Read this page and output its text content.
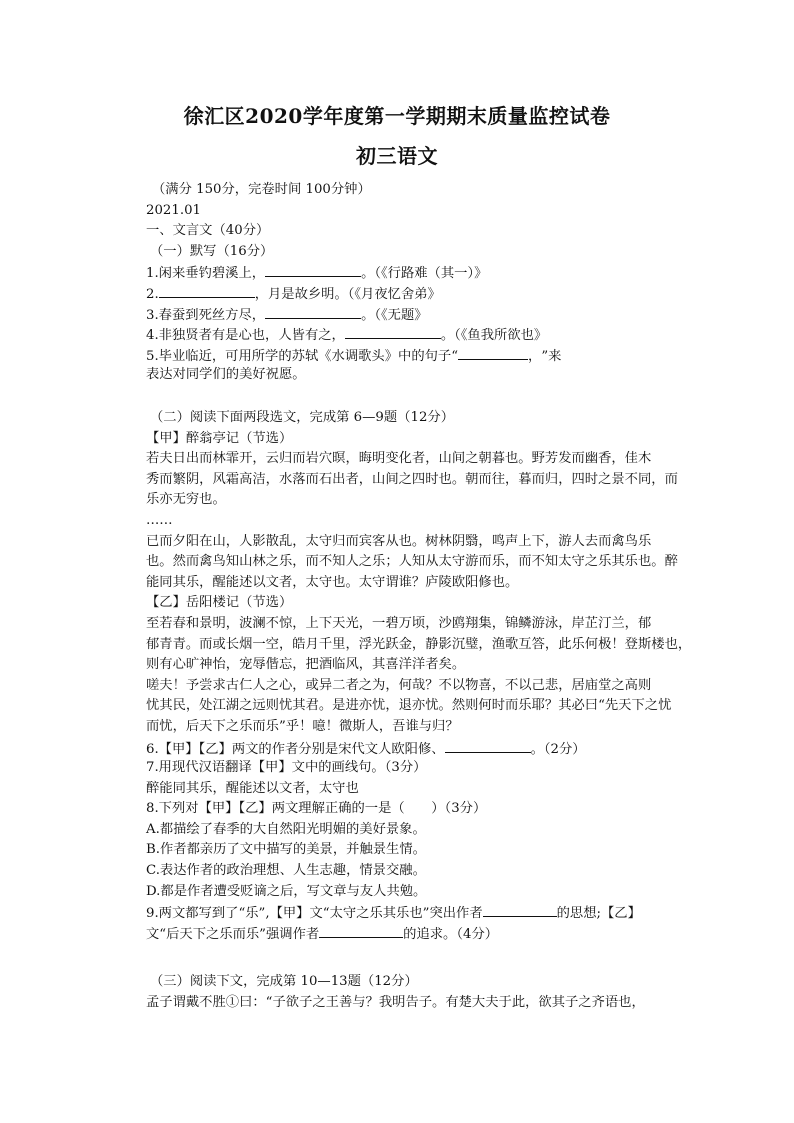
徐汇区2020学年度第一学期期末质量监控试卷
初三语文
（满分 150分，完卷时间 100分钟）
2021.01
一、文言文（40分）
（一）默写（16分）
1.闲来垂钓碧溪上，	。（《行路难（其一）》
2.	，月是故乡明。（《月夜忆舍弟》
3.春蚕到死丝方尽，	。（《无题》
4.非独贤者有是心也，人皆有之，	。（《鱼我所欲也》
5.毕业临近，可用所学的苏轼《水调歌头》中的句子“	，”来
表达对同学们的美好祝愿。
（二）阅读下面两段选文，完成第 6—9题（12分）
【甲】醉翁亭记（节选）
若夫日出而林霏开，云归而岩穴暝，晦明变化者，山间之朝暮也。野芳发而幽香，佳木
秀而繁阴，风霜高洁，水落而石出者，山间之四时也。朝而往，暮而归，四时之景不同，而
乐亦无穷也。
……
已而夕阳在山，人影散乱，太守归而宾客从也。树林阴翳，鸣声上下，游人去而禽鸟乐
也。然而禽鸟知山林之乐，而不知人之乐；人知从太守游而乐，而不知太守之乐其乐也。醉
能同其乐，醒能述以文者，太守也。太守谓谁？庐陵欧阳修也。
【乙】岳阳楼记（节选）
至若春和景明，波澜不惊，上下天光，一碧万顷，沙鸥翔集，锦鳞游泳，岸芷汀兰，郁
郁青青。而或长烟一空，皓月千里，浮光跃金，静影沉璧，渔歌互答，此乐何极！登斯楼也，
则有心旷神怡，宠辱偕忘，把酒临风，其喜洋洋者矣。
嗟夫！予尝求古仁人之心，或异二者之为，何哉？不以物喜，不以己悲，居庙堂之高则
忧其民，处江湖之远则忧其君。是进亦忧，退亦忧。然则何时而乐耶？其必曰“先天下之忧
而忧，后天下之乐而乐”乎！噫！微斯人，吾谁与归？
6.【甲】【乙】两文的作者分别是宋代文人欧阳修、	。（2分）
7.用现代汉语翻译【甲】文中的画线句。（3分）
醉能同其乐，醒能述以文者，太守也
8.下列对【甲】【乙】两文理解正确的一是（　　）（3分）
A.都描绘了春季的大自然阳光明媚的美好景象。
B.作者都亲历了文中描写的美景，并触景生情。
C.表达作者的政治理想、人生志趣，情景交融。
D.都是作者遭受贬谪之后，写文章与友人共勉。
9.两文都写到了“乐”,【甲】文“太守之乐其乐也”突出作者	的思想;【乙】
文“后天下之乐而乐”强调作者	的追求。（4分）
（三）阅读下文，完成第 10—13题（12分）
孟子谓戴不胜①曰：“子欲子之王善与？我明告子。有楚大夫于此，欲其子之齐语也，
